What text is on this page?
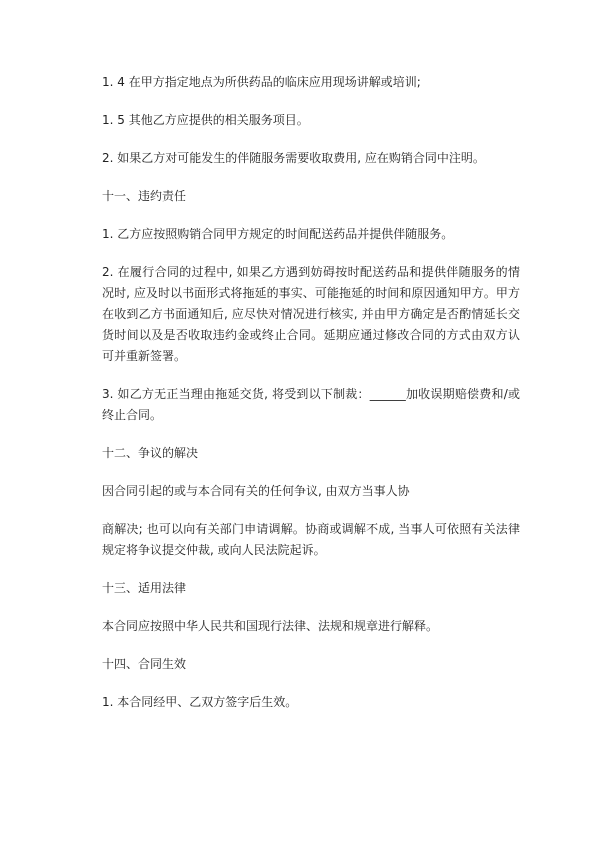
1. 4 在甲方指定地点为所供药品的临床应用现场讲解或培训;

1. 5 其他乙方应提供的相关服务项目。

2. 如果乙方对可能发生的伴随服务需要收取费用, 应在购销合同中注明。

十一、违约责任

1. 乙方应按照购销合同甲方规定的时间配送药品并提供伴随服务。

2. 在履行合同的过程中, 如果乙方遇到妨碍按时配送药品和提供伴随服务的情况时, 应及时以书面形式将拖延的事实、可能拖延的时间和原因通知甲方。甲方在收到乙方书面通知后, 应尽快对情况进行核实, 并由甲方确定是否酌情延长交货时间以及是否收取违约金或终止合同。延期应通过修改合同的方式由双方认可并重新签署。

3. 如乙方无正当理由拖延交货, 将受到以下制裁：______加收误期赔偿费和/或终止合同。

十二、争议的解决

因合同引起的或与本合同有关的任何争议, 由双方当事人协

商解决; 也可以向有关部门申请调解。协商或调解不成, 当事人可依照有关法律规定将争议提交仲裁, 或向人民法院起诉。

十三、适用法律

本合同应按照中华人民共和国现行法律、法规和规章进行解释。

十四、合同生效

1. 本合同经甲、乙双方签字后生效。
